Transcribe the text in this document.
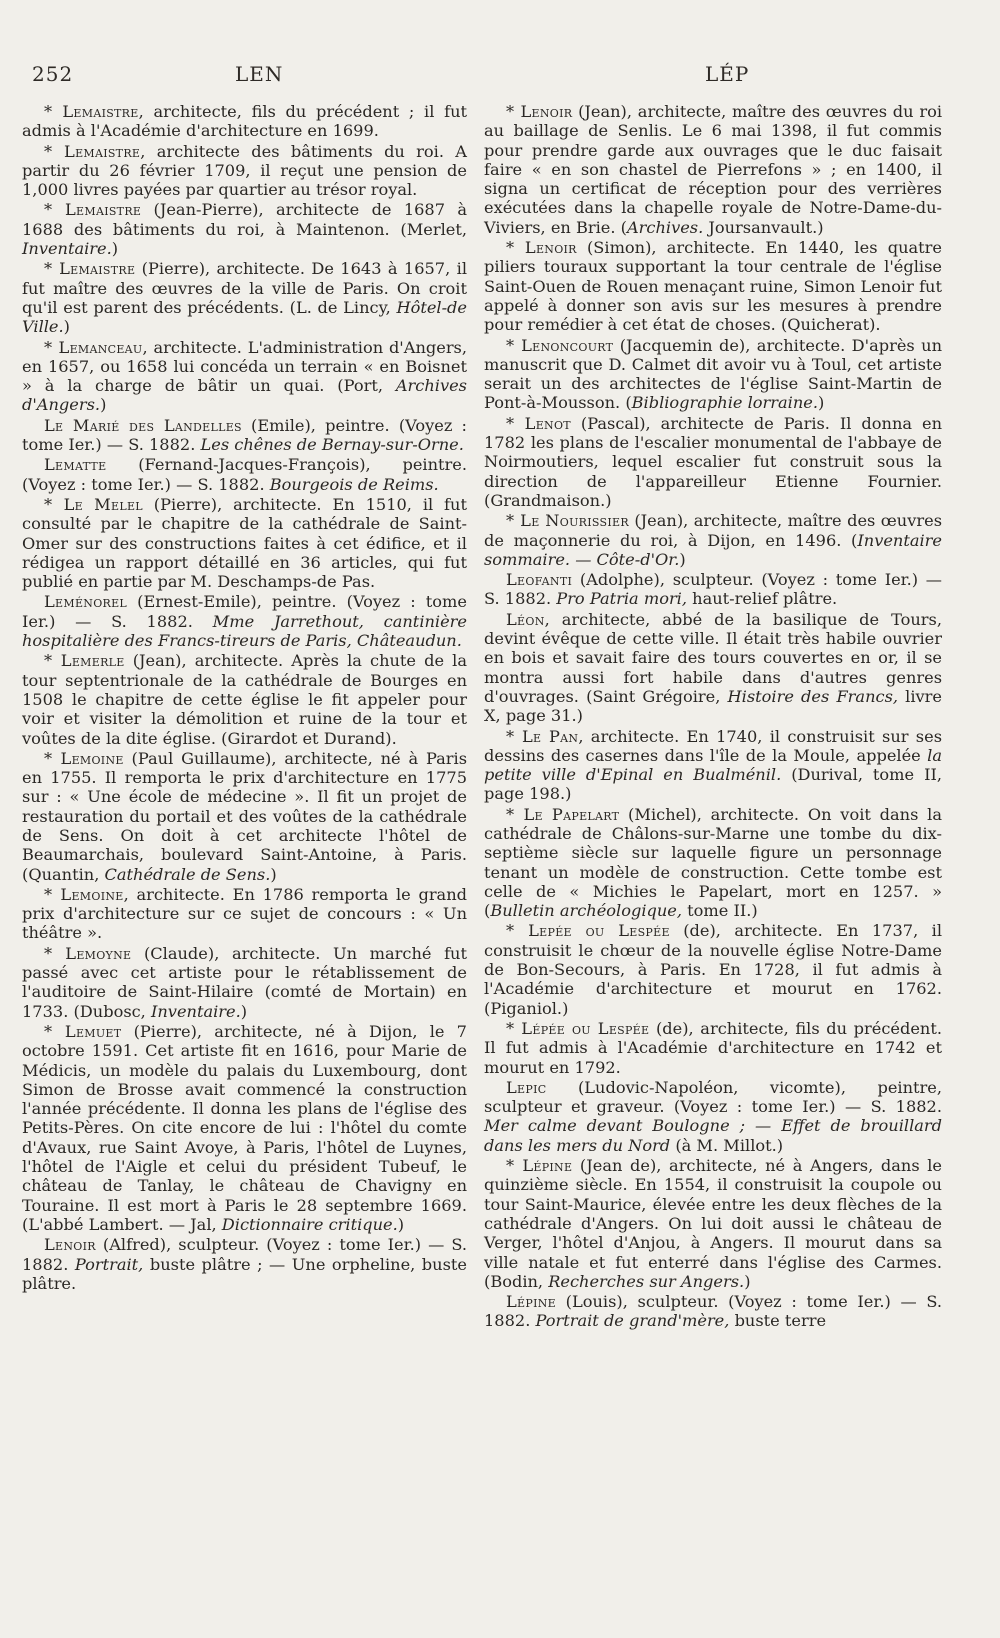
252	LEN	LÉP

* Lemaistre, architecte, fils du précédent ; il fut admis à l'Académie d'architecture en 1699.

* Lemaistre, architecte des bâtiments du roi. A partir du 26 février 1709, il reçut une pension de 1,000 livres payées par quartier au trésor royal.

* Lemaistre (Jean-Pierre), architecte de 1687 à 1688 des bâtiments du roi, à Maintenon. (Merlet, Inventaire.)

* Lemaistre (Pierre), architecte. De 1643 à 1657, il fut maître des œuvres de la ville de Paris. On croit qu'il est parent des précédents. (L. de Lincy, Hôtel-de Ville.)

* Lemanceau, architecte. L'administration d'Angers, en 1657, ou 1658 lui concéda un terrain « en Boisnet » à la charge de bâtir un quai. (Port, Archives d'Angers.)

Le Marié des Landelles (Emile), peintre. (Voyez : tome Ier.) — S. 1882. Les chênes de Bernay-sur-Orne.

Lematte (Fernand-Jacques-François), peintre. (Voyez : tome Ier.) — S. 1882. Bourgeois de Reims.

* Le Melel (Pierre), architecte. En 1510, il fut consulté par le chapitre de la cathédrale de Saint-Omer sur des constructions faites à cet édifice, et il rédigea un rapport détaillé en 36 articles, qui fut publié en partie par M. Deschamps-de Pas.

Leménorel (Ernest-Emile), peintre. (Voyez : tome Ier.) — S. 1882. Mme Jarrethout, cantinière hospitalière des Francs-tireurs de Paris, Châteaudun.

* Lemerle (Jean), architecte. Après la chute de la tour septentrionale de la cathédrale de Bourges en 1508 le chapitre de cette église le fit appeler pour voir et visiter la démolition et ruine de la tour et voûtes de la dite église. (Girardot et Durand).

* Lemoine (Paul Guillaume), architecte, né à Paris en 1755. Il remporta le prix d'architecture en 1775 sur : « Une école de médecine ». Il fit un projet de restauration du portail et des voûtes de la cathédrale de Sens. On doit à cet architecte l'hôtel de Beaumarchais, boulevard Saint-Antoine, à Paris. (Quantin, Cathédrale de Sens.)

* Lemoine, architecte. En 1786 remporta le grand prix d'architecture sur ce sujet de concours : « Un théâtre ».

* Lemoyne (Claude), architecte. Un marché fut passé avec cet artiste pour le rétablissement de l'auditoire de Saint-Hilaire (comté de Mortain) en 1733. (Dubosc, Inventaire.)

* Lemuet (Pierre), architecte, né à Dijon, le 7 octobre 1591. Cet artiste fit en 1616, pour Marie de Médicis, un modèle du palais du Luxembourg, dont Simon de Brosse avait commencé la construction l'année précédente. Il donna les plans de l'église des Petits-Pères. On cite encore de lui : l'hôtel du comte d'Avaux, rue Saint Avoye, à Paris, l'hôtel de Luynes, l'hôtel de l'Aigle et celui du président Tubeuf, le château de Tanlay, le château de Chavigny en Touraine. Il est mort à Paris le 28 septembre 1669. (L'abbé Lambert. — Jal, Dictionnaire critique.)

Lenoir (Alfred), sculpteur. (Voyez : tome Ier.) — S. 1882. Portrait, buste plâtre ; — Une orpheline, buste plâtre.

* Lenoir (Jean), architecte, maître des œuvres du roi au baillage de Senlis. Le 6 mai 1398, il fut commis pour prendre garde aux ouvrages que le duc faisait faire « en son chastel de Pierrefons » ; en 1400, il signa un certificat de réception pour des verrières exécutées dans la chapelle royale de Notre-Dame-du-Viviers, en Brie. (Archives. Joursanvault.)

* Lenoir (Simon), architecte. En 1440, les quatre piliers touraux supportant la tour centrale de l'église Saint-Ouen de Rouen menaçant ruine, Simon Lenoir fut appelé à donner son avis sur les mesures à prendre pour remédier à cet état de choses. (Quicherat).

* Lenoncourt (Jacquemin de), architecte. D'après un manuscrit que D. Calmet dit avoir vu à Toul, cet artiste serait un des architectes de l'église Saint-Martin de Pont-à-Mousson. (Bibliographie lorraine.)

* Lenot (Pascal), architecte de Paris. Il donna en 1782 les plans de l'escalier monumental de l'abbaye de Noirmoutiers, lequel escalier fut construit sous la direction de l'appareilleur Etienne Fournier. (Grandmaison.)

* Le Nourissier (Jean), architecte, maître des œuvres de maçonnerie du roi, à Dijon, en 1496. (Inventaire sommaire. — Côte-d'Or.)

Leofanti (Adolphe), sculpteur. (Voyez : tome Ier.) — S. 1882. Pro Patria mori, haut-relief plâtre.

Léon, architecte, abbé de la basilique de Tours, devint évêque de cette ville. Il était très habile ouvrier en bois et savait faire des tours couvertes en or, il se montra aussi fort habile dans d'autres genres d'ouvrages. (Saint Grégoire, Histoire des Francs, livre X, page 31.)

* Le Pan, architecte. En 1740, il construisit sur ses dessins des casernes dans l'île de la Moule, appelée la petite ville d'Epinal en Bualménil. (Durival, tome II, page 198.)

* Le Papelart (Michel), architecte. On voit dans la cathédrale de Châlons-sur-Marne une tombe du dix-septième siècle sur laquelle figure un personnage tenant un modèle de construction. Cette tombe est celle de « Michies le Papelart, mort en 1257. » (Bulletin archéologique, tome II.)

* Lepée ou Lespée (de), architecte. En 1737, il construisit le chœur de la nouvelle église Notre-Dame de Bon-Secours, à Paris. En 1728, il fut admis à l'Académie d'architecture et mourut en 1762. (Piganiol.)

* Lépée ou Lespée (de), architecte, fils du précédent. Il fut admis à l'Académie d'architecture en 1742 et mourut en 1792.

Lepic (Ludovic-Napoléon, vicomte), peintre, sculpteur et graveur. (Voyez : tome Ier.) — S. 1882. Mer calme devant Boulogne ; — Effet de brouillard dans les mers du Nord (à M. Millot.)

* Lépine (Jean de), architecte, né à Angers, dans le quinzième siècle. En 1554, il construisit la coupole ou tour Saint-Maurice, élevée entre les deux flèches de la cathédrale d'Angers. On lui doit aussi le château de Verger, l'hôtel d'Anjou, à Angers. Il mourut dans sa ville natale et fut enterré dans l'église des Carmes. (Bodin, Recherches sur Angers.)

Lépine (Louis), sculpteur. (Voyez : tome Ier.) — S. 1882. Portrait de grand'mère, buste terre
